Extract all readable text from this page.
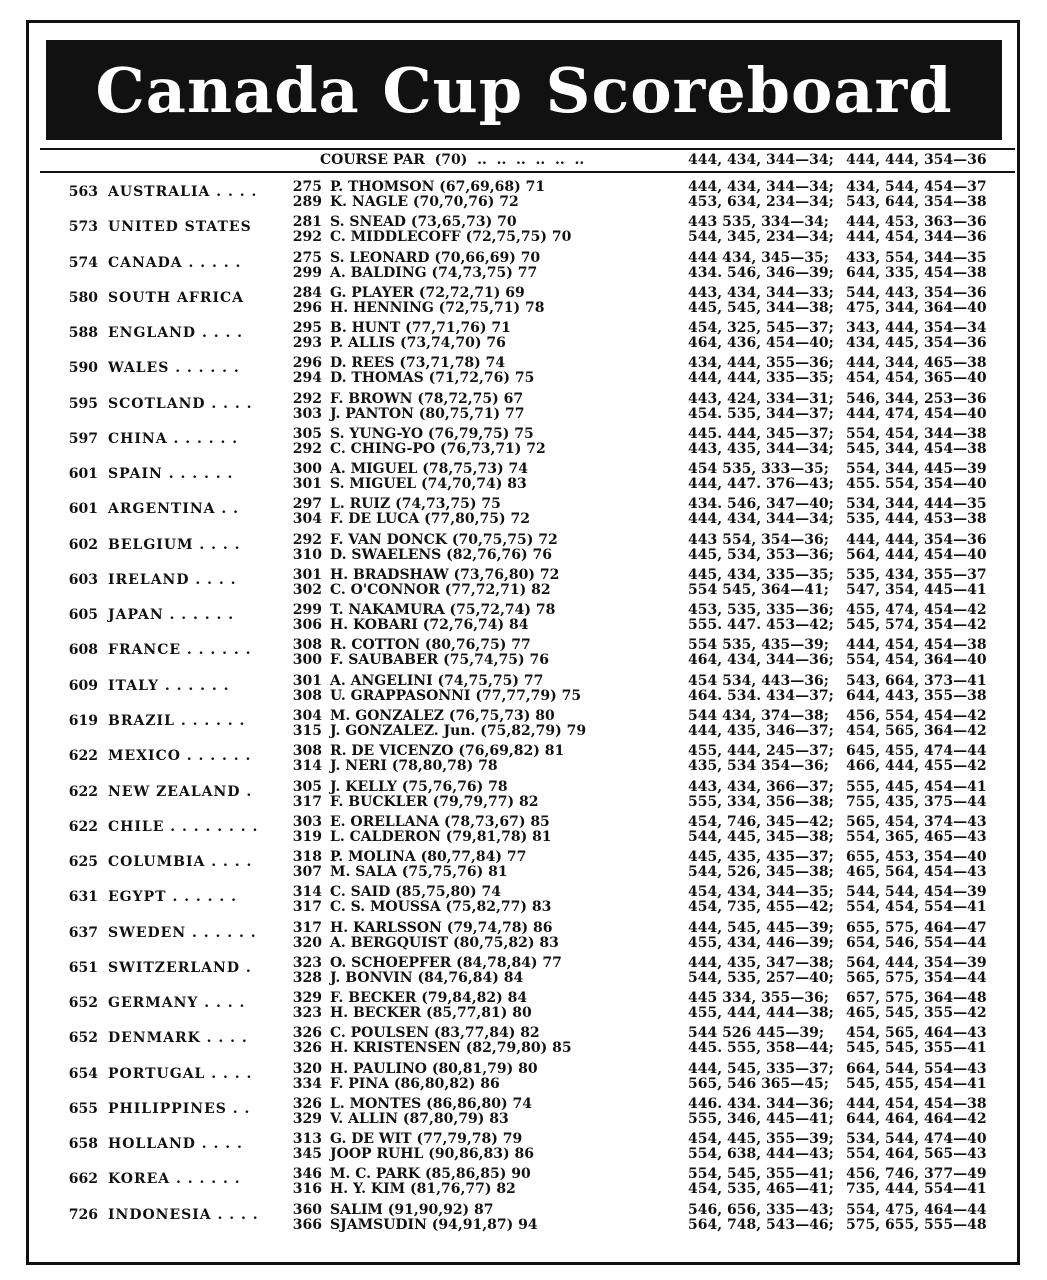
Canada Cup Scoreboard
COURSE PAR  (70)  ..  ..  ..  ..  ..  ..	444, 434, 344—34; 444, 444, 354—36
563 AUSTRALIA . . . .	275 P. THOMSON (67,69,68) 71	444, 434, 344—34; 434, 544, 454—37
289 K. NAGLE (70,70,76) 72	453, 634, 234—34; 543, 644, 354—38
573 UNITED STATES	281 S. SNEAD (73,65,73) 70	443 535, 334—34;	444, 453, 363—36
292 C. MIDDLECOFF (72,75,75) 70	544, 345, 234—34; 444, 454, 344—36
574 CANADA . . . . .	275 S. LEONARD (70,66,69) 70	444 434, 345—35;	433, 554, 344—35
299 A. BALDING (74,73,75) 77	434. 546, 346—39; 644, 335, 454—38
580 SOUTH AFRICA	284 G. PLAYER (72,72,71) 69	443, 434, 344—33; 544, 443, 354—36
296 H. HENNING (72,75,71) 78	445, 545, 344—38; 475, 344, 364—40
588 ENGLAND . . . .	295 B. HUNT (77,71,76) 71	454, 325, 545—37; 343, 444, 354—34
293 P. ALLIS (73,74,70) 76	464, 436, 454—40; 434, 445, 354—36
590 WALES . . . . . .	296 D. REES (73,71,78) 74	434, 444, 355—36; 444, 344, 465—38
294 D. THOMAS (71,72,76) 75	444, 444, 335—35; 454, 454, 365—40
595 SCOTLAND . . . .	292 F. BROWN (78,72,75) 67	443, 424, 334—31; 546, 344, 253—36
303 J. PANTON (80,75,71) 77	454. 535, 344—37; 444, 474, 454—40
597 CHINA . . . . . .	305 S. YUNG-YO (76,79,75) 75	445. 444, 345—37; 554, 454, 344—38
292 C. CHING-PO (76,73,71) 72	443, 435, 344—34; 545, 344, 454—38
601 SPAIN . . . . . .	300 A. MIGUEL (78,75,73) 74	454 535, 333—35;	554, 344, 445—39
301 S. MIGUEL (74,70,74) 83	444, 447. 376—43; 455. 554, 354—40
601 ARGENTINA . .	297 L. RUIZ (74,73,75) 75	434. 546, 347—40; 534, 344, 444—35
304 F. DE LUCA (77,80,75) 72	444, 434, 344—34; 535, 444, 453—38
602 BELGIUM . . . .	292 F. VAN DONCK (70,75,75) 72	443 554, 354—36;	444, 444, 354—36
310 D. SWAELENS (82,76,76) 76	445, 534, 353—36; 564, 444, 454—40
603 IRELAND . . . .	301 H. BRADSHAW (73,76,80) 72	445, 434, 335—35; 535, 434, 355—37
302 C. O'CONNOR (77,72,71) 82	554 545, 364—41;	547, 354, 445—41
605 JAPAN . . . . . .	299 T. NAKAMURA (75,72,74) 78	453, 535, 335—36; 455, 474, 454—42
306 H. KOBARI (72,76,74) 84	555. 447. 453—42; 545, 574, 354—42
608 FRANCE . . . . . .	308 R. COTTON (80,76,75) 77	554 535, 435—39;	444, 454, 454—38
300 F. SAUBABER (75,74,75) 76	464, 434, 344—36; 554, 454, 364—40
609 ITALY . . . . . .	301 A. ANGELINI (74,75,75) 77	454 534, 443—36;	543, 664, 373—41
308 U. GRAPPASONNI (77,77,79) 75	464. 534. 434—37; 644, 443, 355—38
619 BRAZIL . . . . . .	304 M. GONZALEZ (76,75,73) 80	544 434, 374—38;	456, 554, 454—42
315 J. GONZALEZ. Jun. (75,82,79) 79	444, 435, 346—37; 454, 565, 364—42
622 MEXICO . . . . . .	308 R. DE VICENZO (76,69,82) 81	455, 444, 245—37; 645, 455, 474—44
314 J. NERI (78,80,78) 78	435, 534 354—36;	466, 444, 455—42
622 NEW ZEALAND .	305 J. KELLY (75,76,76) 78	443, 434, 366—37; 555, 445, 454—41
317 F. BUCKLER (79,79,77) 82	555, 334, 356—38; 755, 435, 375—44
622 CHILE . . . . . . . .	303 E. ORELLANA (78,73,67) 85	454, 746, 345—42; 565, 454, 374—43
319 L. CALDERON (79,81,78) 81	544, 445, 345—38; 554, 365, 465—43
625 COLUMBIA . . . .	318 P. MOLINA (80,77,84) 77	445, 435, 435—37; 655, 453, 354—40
307 M. SALA (75,75,76) 81	544, 526, 345—38; 465, 564, 454—43
631 EGYPT . . . . . .	314 C. SAID (85,75,80) 74	454, 434, 344—35; 544, 544, 454—39
317 C. S. MOUSSA (75,82,77) 83	454, 735, 455—42; 554, 454, 554—41
637 SWEDEN . . . . . .	317 H. KARLSSON (79,74,78) 86	444, 545, 445—39; 655, 575, 464—47
320 A. BERGQUIST (80,75,82) 83	455, 434, 446—39; 654, 546, 554—44
651 SWITZERLAND .	323 O. SCHOEPFER (84,78,84) 77	444, 435, 347—38; 564, 444, 354—39
328 J. BONVIN (84,76,84) 84	544, 535, 257—40; 565, 575, 354—44
652 GERMANY . . . .	329 F. BECKER (79,84,82) 84	445 334, 355—36;	657, 575, 364—48
323 H. BECKER (85,77,81) 80	455, 444, 444—38; 465, 545, 355—42
652 DENMARK . . . .	326 C. POULSEN (83,77,84) 82	544 526 445—39;	454, 565, 464—43
326 H. KRISTENSEN (82,79,80) 85	445. 555, 358—44; 545, 545, 355—41
654 PORTUGAL . . . .	320 H. PAULINO (80,81,79) 80	444, 545, 335—37; 664, 544, 554—43
334 F. PINA (86,80,82) 86	565, 546 365—45;	545, 455, 454—41
655 PHILIPPINES . .	326 L. MONTES (86,86,80) 74	446. 434. 344—36; 444, 454, 454—38
329 V. ALLIN (87,80,79) 83	555, 346, 445—41; 644, 464, 464—42
658 HOLLAND . . . .	313 G. DE WIT (77,79,78) 79	454, 445, 355—39; 534, 544, 474—40
345 JOOP RUHL (90,86,83) 86	554, 638, 444—43; 554, 464, 565—43
662 KOREA . . . . . .	346 M. C. PARK (85,86,85) 90	554, 545, 355—41; 456, 746, 377—49
316 H. Y. KIM (81,76,77) 82	454, 535, 465—41; 735, 444, 554—41
726 INDONESIA . . . .	360 SALIM (91,90,92) 87	546, 656, 335—43; 554, 475, 464—44
366 SJAMSUDIN (94,91,87) 94	564, 748, 543—46; 575, 655, 555—48
